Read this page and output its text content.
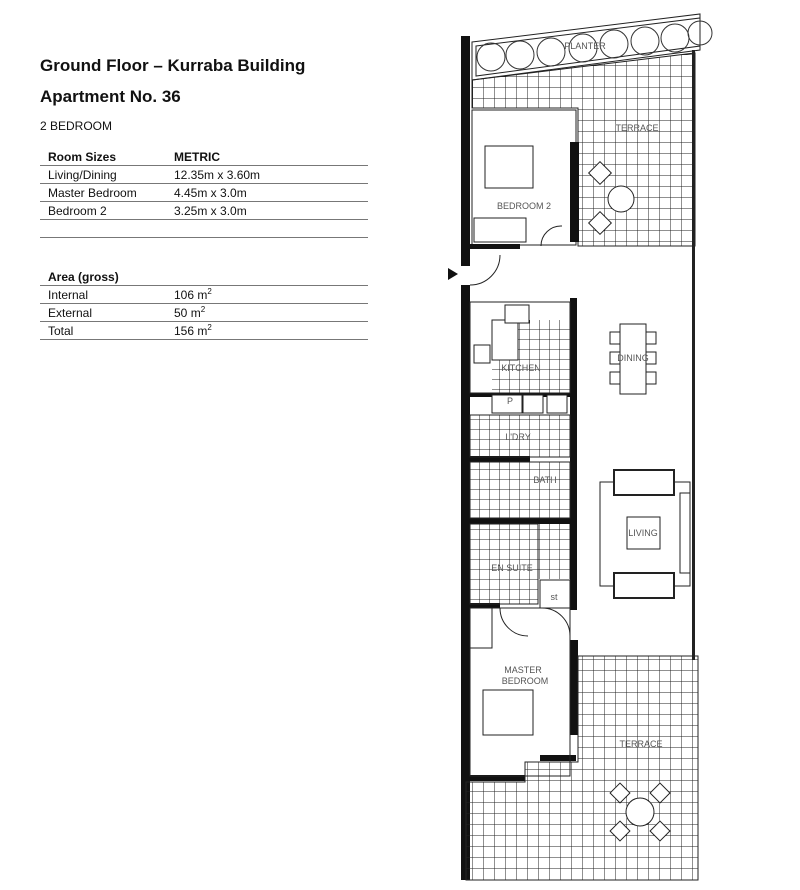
Ground Floor – Kurraba Building
Apartment No. 36
2 BEDROOM
Room Sizes	METRIC
Living/Dining	12.35m x 3.60m
Master Bedroom	4.45m x 3.0m
Bedroom 2	3.25m x 3.0m

Area (gross)	
Internal	106 $m^2$
External	50 $m^2$
Total	156 $m^2$
PLANTER
TERRACE
BEDROOM 2
DINING
KITCHEN
P
L'DRY
BATH
LIVING
EN SUITE
st
MASTER
BEDROOM
TERRACE
